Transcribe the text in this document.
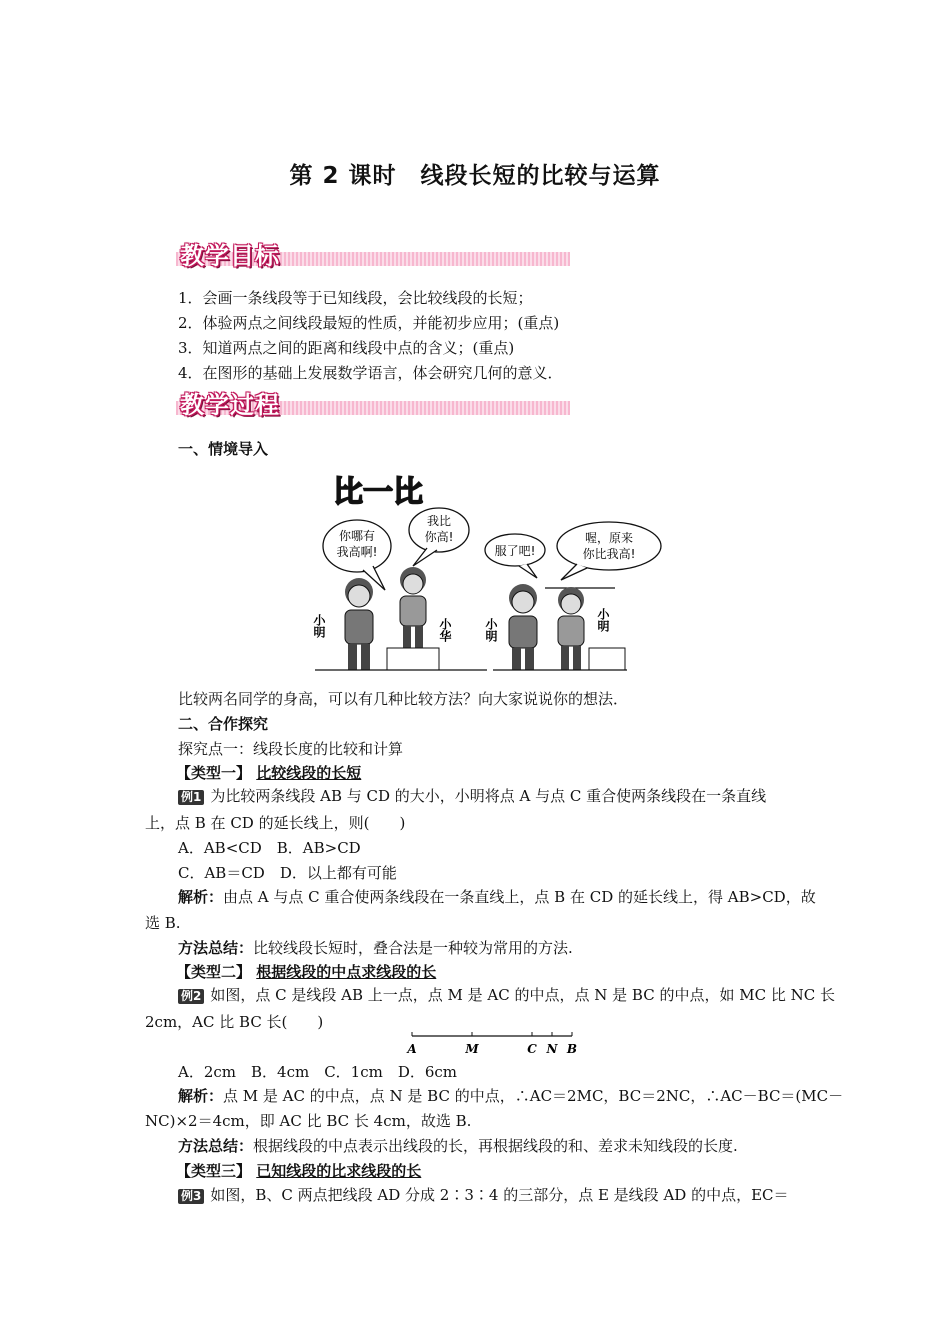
第 2 课时　线段长短的比较与运算
教学目标
1．会画一条线段等于已知线段，会比较线段的长短；
2．体验两点之间线段最短的性质，并能初步应用；(重点)
3．知道两点之间的距离和线段中点的含义；(重点)
4．在图形的基础上发展数学语言，体会研究几何的意义．
教学过程
一、情境导入
比一比
你哪有
我高啊!
我比
你高!
小明	小华
服了吧!
喔，原来
你比我高!
小明	小明
比较两名同学的身高，可以有几种比较方法？向大家说说你的想法．
二、合作探究
探究点一：线段长度的比较和计算
【类型一】 比较线段的长短
例1 为比较两条线段 AB 与 CD 的大小，小明将点 A 与点 C 重合使两条线段在一条直线
上，点 B 在 CD 的延长线上，则(　　)
A．AB<CD　B．AB>CD
C．AB＝CD　D．以上都有可能
解析：由点 A 与点 C 重合使两条线段在一条直线上，点 B 在 CD 的延长线上，得 AB>CD，故
选 B.
方法总结：比较线段长短时，叠合法是一种较为常用的方法.
【类型二】 根据线段的中点求线段的长
例2 如图，点 C 是线段 AB 上一点，点 M 是 AC 的中点，点 N 是 BC 的中点，如 MC 比 NC 长
2cm，AC 比 BC 长(　　)
A	M	C N B
A．2cm　B．4cm　C．1cm　D．6cm
解析：点 M 是 AC 的中点，点 N 是 BC 的中点，∴AC＝2MC，BC＝2NC，∴AC－BC＝(MC－
NC)×2＝4cm，即 AC 比 BC 长 4cm，故选 B.
方法总结：根据线段的中点表示出线段的长，再根据线段的和、差求未知线段的长度.
【类型三】 已知线段的比求线段的长
例3 如图，B、C 两点把线段 AD 分成 2∶3∶4 的三部分，点 E 是线段 AD 的中点，EC＝
